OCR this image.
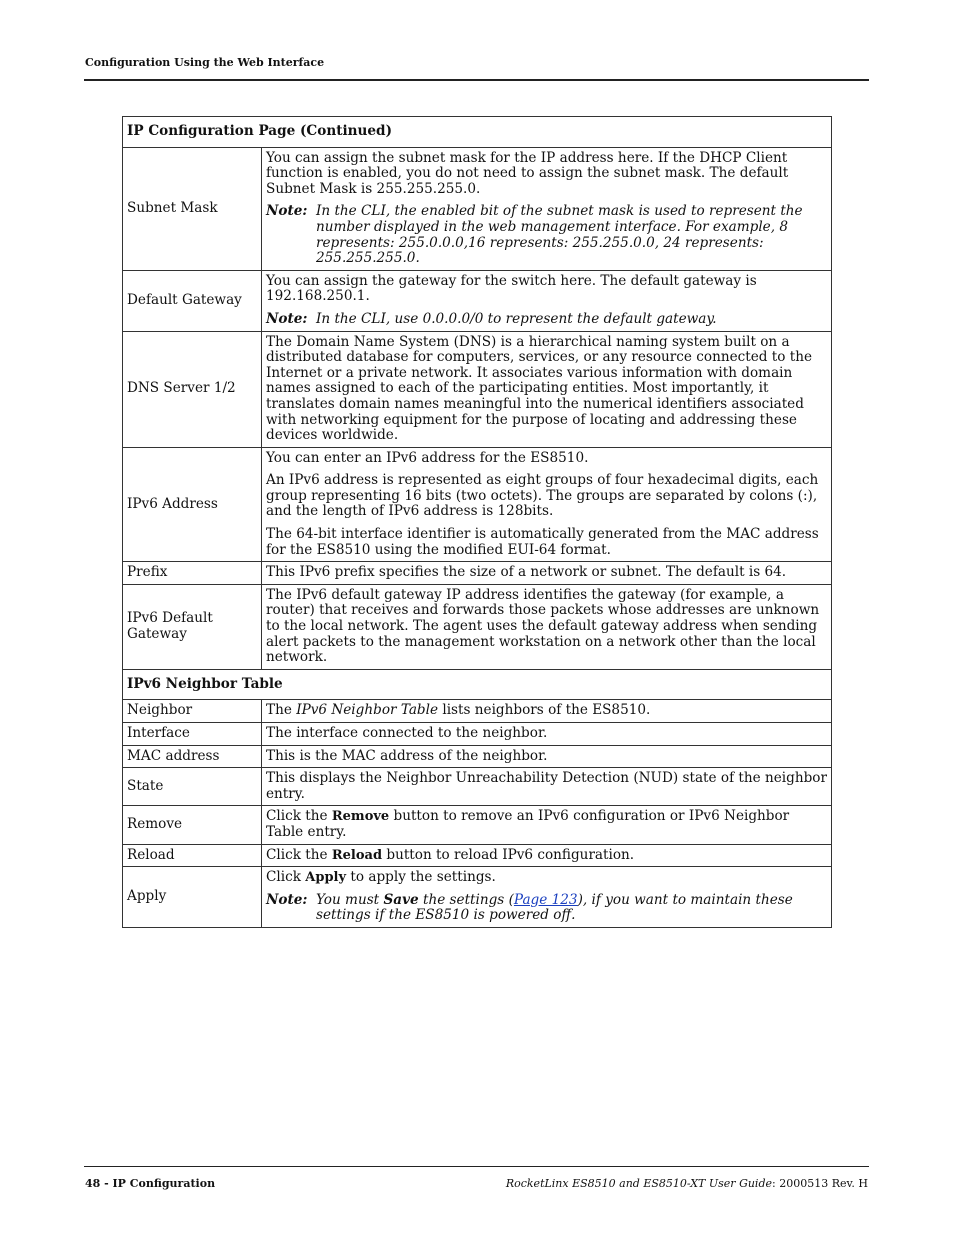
Configuration Using the Web Interface
IP Configuration Page (Continued)	
Subnet Mask	You can assign the subnet mask for the IP address here. If the DHCP Client function is enabled, you do not need to assign the subnet mask. The default Subnet Mask is 255.255.255.0.

Note: In the CLI, the enabled bit of the subnet mask is used to represent the number displayed in the web management interface. For example, 8 represents: 255.0.0.0,16 represents: 255.255.0.0, 24 represents: 255.255.255.0.

Default Gateway	You can assign the gateway for the switch here. The default gateway is 192.168.250.1.

Note: In the CLI, use 0.0.0.0/0 to represent the default gateway.

DNS Server 1/2	The Domain Name System (DNS) is a hierarchical naming system built on a distributed database for computers, services, or any resource connected to the Internet or a private network. It associates various information with domain names assigned to each of the participating entities. Most importantly, it translates domain names meaningful into the numerical identifiers associated with networking equipment for the purpose of locating and addressing these devices worldwide.
IPv6 Address	You can enter an IPv6 address for the ES8510.

An IPv6 address is represented as eight groups of four hexadecimal digits, each group representing 16 bits (two octets). The groups are separated by colons (:), and the length of IPv6 address is 128bits.

The 64-bit interface identifier is automatically generated from the MAC address for the ES8510 using the modified EUI-64 format.

Prefix	This IPv6 prefix specifies the size of a network or subnet. The default is 64.
IPv6 Default Gateway	The IPv6 default gateway IP address identifies the gateway (for example, a router) that receives and forwards those packets whose addresses are unknown to the local network. The agent uses the default gateway address when sending alert packets to the management workstation on a network other than the local network.
IPv6 Neighbor Table	
Neighbor	The IPv6 Neighbor Table lists neighbors of the ES8510.
Interface	The interface connected to the neighbor.
MAC address	This is the MAC address of the neighbor.
State	This displays the Neighbor Unreachability Detection (NUD) state of the neighbor entry.
Remove	Click the Remove button to remove an IPv6 configuration or IPv6 Neighbor Table entry.
Reload	Click the Reload button to reload IPv6 configuration.
Apply	Click Apply to apply the settings.

Note: You must Save the settings (Page 123), if you want to maintain these settings if the ES8510 is powered off.
48 - IP Configuration	RocketLinx ES8510 and ES8510-XT User Guide: 2000513 Rev. H
